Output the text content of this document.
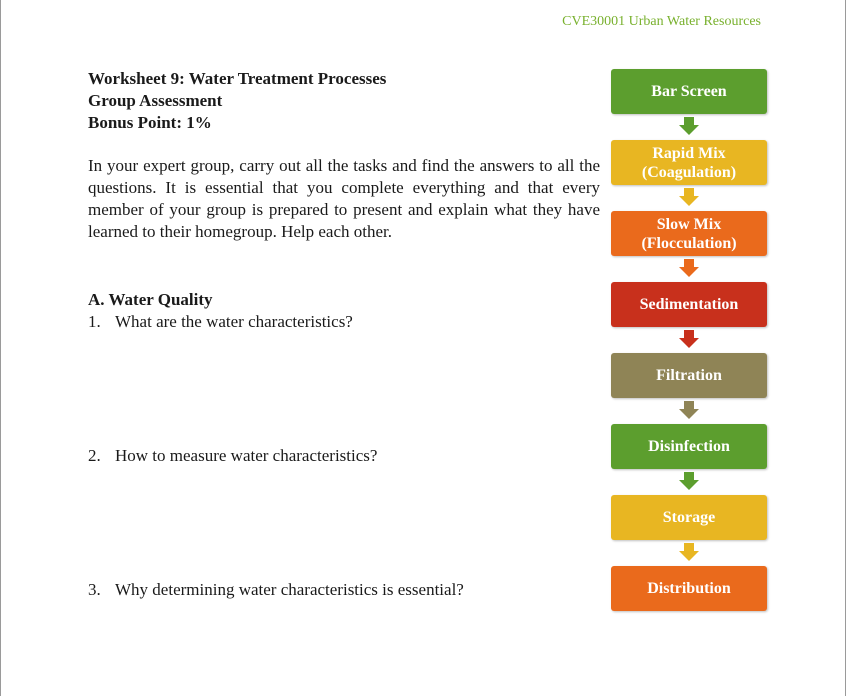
CVE30001 Urban Water Resources
Worksheet 9: Water Treatment Processes
Group Assessment
Bonus Point: 1%
In your expert group, carry out all the tasks and find the answers to all the questions. It is essential that you complete everything and that every member of your group is prepared to present and explain what they have learned to their homegroup. Help each other.
A. Water Quality
1. What are the water characteristics?
2. How to measure water characteristics?
3. Why determining water characteristics is essential?
Bar Screen
Rapid Mix
(Coagulation)
Slow Mix
(Flocculation)
Sedimentation
Filtration
Disinfection
Storage
Distribution
